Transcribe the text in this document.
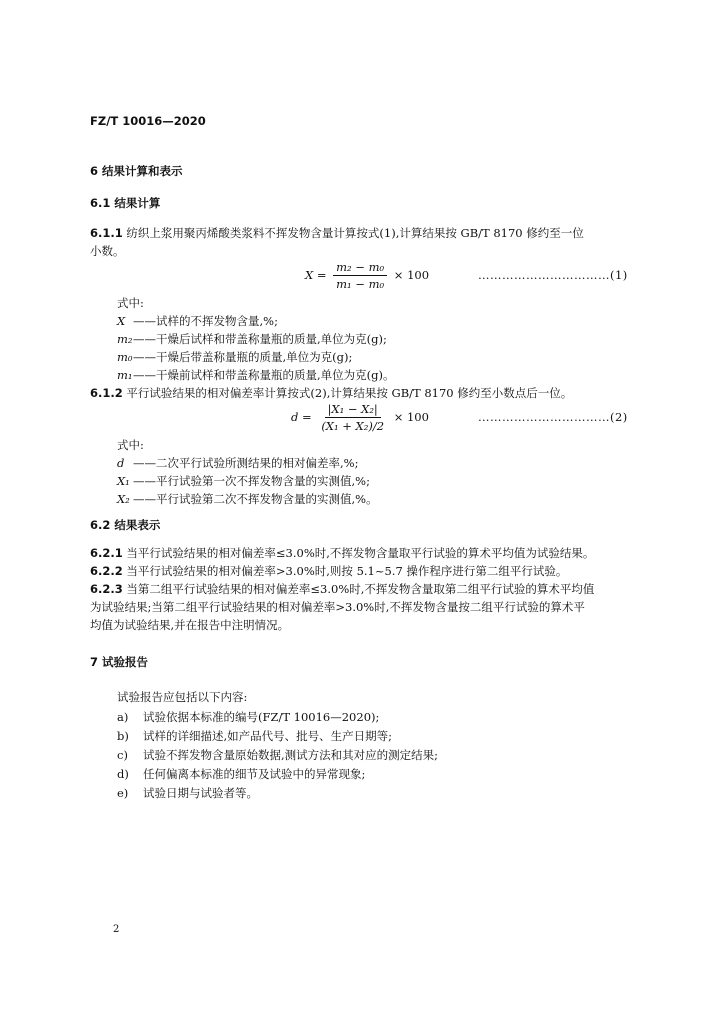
FZ/T 10016—2020
6 结果计算和表示
6.1 结果计算
6.1.1 纺织上浆用聚丙烯酸类浆料不挥发物含量计算按式(1),计算结果按 GB/T 8170 修约至一位
小数。
$X = \frac{\text{m₂ − m₀}}{\text{m₁ − m₀}} \times 100$	……………………………(1)
式中:
X ——试样的不挥发物含量,%;
m₂——干燥后试样和带盖称量瓶的质量,单位为克(g);
m₀——干燥后带盖称量瓶的质量,单位为克(g);
m₁——干燥前试样和带盖称量瓶的质量,单位为克(g)。
6.1.2 平行试验结果的相对偏差率计算按式(2),计算结果按 GB/T 8170 修约至小数点后一位。
$d = \frac{\text{|X₁ − X₂|}}{\text{(X₁ + X₂)/2}} \times 100$	……………………………(2)
式中:
d ——二次平行试验所测结果的相对偏差率,%;
X₁ ——平行试验第一次不挥发物含量的实测值,%;
X₂ ——平行试验第二次不挥发物含量的实测值,%。
6.2 结果表示
6.2.1 当平行试验结果的相对偏差率≤3.0%时,不挥发物含量取平行试验的算术平均值为试验结果。
6.2.2 当平行试验结果的相对偏差率>3.0%时,则按 5.1~5.7 操作程序进行第二组平行试验。
6.2.3 当第二组平行试验结果的相对偏差率≤3.0%时,不挥发物含量取第二组平行试验的算术平均值
为试验结果;当第二组平行试验结果的相对偏差率>3.0%时,不挥发物含量按二组平行试验的算术平
均值为试验结果,并在报告中注明情况。
7 试验报告
试验报告应包括以下内容:
a) 试验依据本标准的编号(FZ/T 10016—2020);
b) 试样的详细描述,如产品代号、批号、生产日期等;
c) 试验不挥发物含量原始数据,测试方法和其对应的测定结果;
d) 任何偏离本标准的细节及试验中的异常现象;
e) 试验日期与试验者等。
2
